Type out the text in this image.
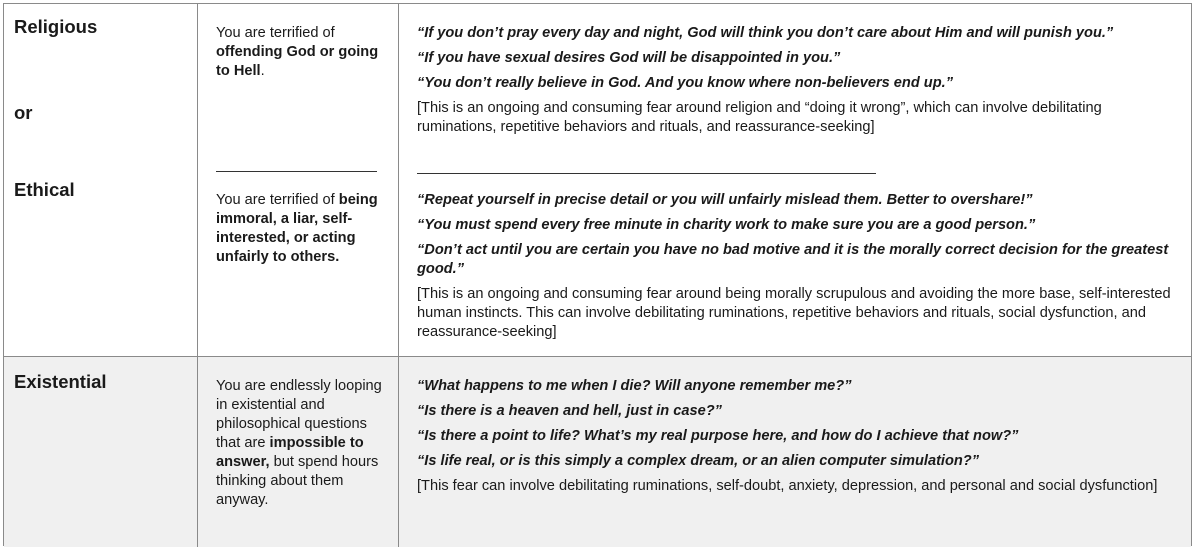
Religious
or
Ethical
You are terrified of offending God or going to Hell.

“If you don’t pray every day and night, God will think you don’t care about Him and will punish you.”

“If you have sexual desires God will be disappointed in you.”

“You don’t really believe in God. And you know where non-believers end up.”

[This is an ongoing and consuming fear around religion and “doing it wrong”, which can involve debilitating ruminations, repetitive behaviors and rituals, and reassurance-seeking]

You are terrified of being immoral, a liar, self-interested, or acting unfairly to others.

“Repeat yourself in precise detail or you will unfairly mislead them. Better to overshare!”

“You must spend every free minute in charity work to make sure you are a good person.”

“Don’t act until you are certain you have no bad motive and it is the morally correct decision for the greatest good.”

[This is an ongoing and consuming fear around being morally scrupulous and avoiding the more base, self-interested human instincts. This can involve debilitating ruminations, repetitive behaviors and rituals, social dysfunction, and reassurance-seeking]

Existential	You are endlessly looping in existential and philosophical questions that are impossible to answer, but spend hours thinking about them anyway.

“What happens to me when I die? Will anyone remember me?”

“Is there is a heaven and hell, just in case?”

“Is there a point to life? What’s my real purpose here, and how do I achieve that now?”

“Is life real, or is this simply a complex dream, or an alien computer simulation?”

[This fear can involve debilitating ruminations, self-doubt, anxiety, depression, and personal and social dysfunction]
